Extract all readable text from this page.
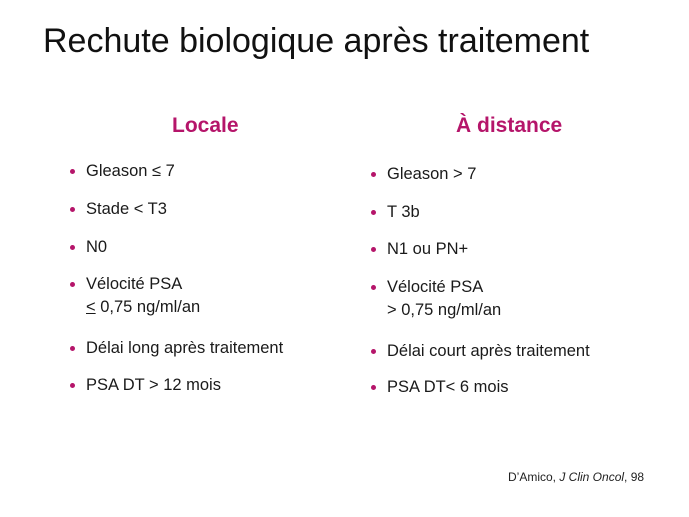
Rechute biologique après traitement
Locale	À distance
Gleason ≤ 7
Stade < T3
N0
Vélocité PSA
< 0,75 ng/ml/an
Délai long après traitement
PSA DT > 12 mois
Gleason > 7
T 3b
N1 ou PN+
Vélocité PSA
> 0,75 ng/ml/an
Délai court après traitement
PSA DT< 6 mois
D’Amico, J Clin Oncol, 98
